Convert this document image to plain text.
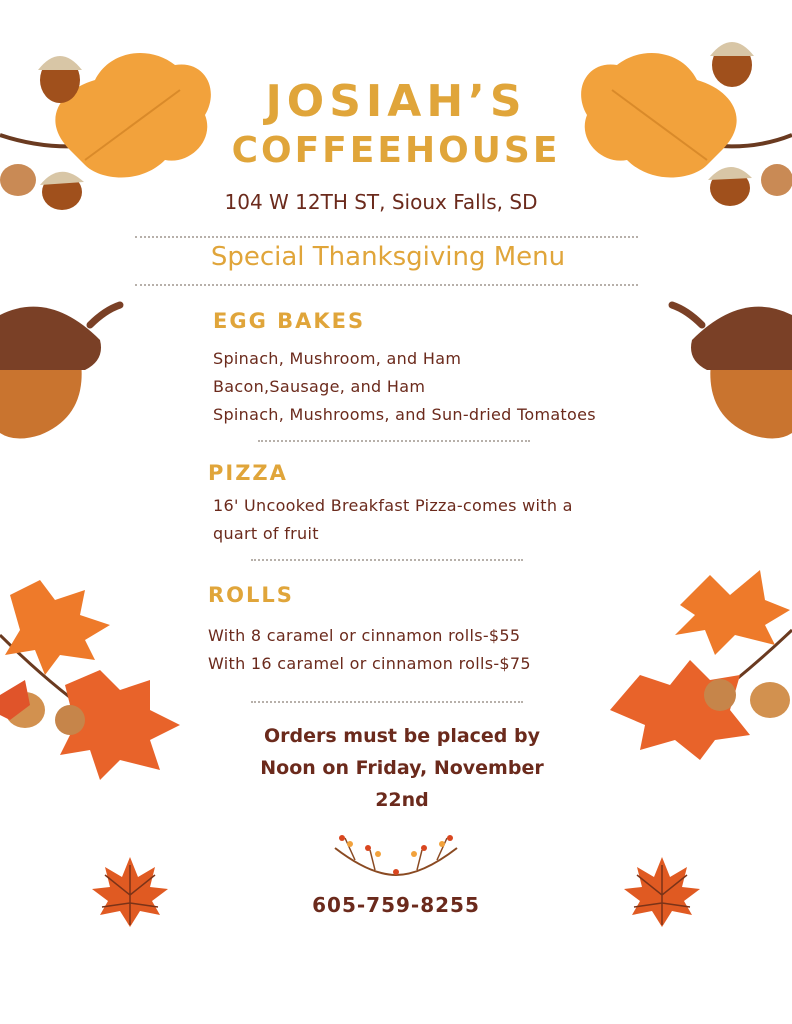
JOSIAH’S
COFFEEHOUSE
104 W 12TH ST, Sioux Falls, SD
Special Thanksgiving Menu
EGG BAKES
Spinach, Mushroom, and Ham
Bacon,Sausage, and Ham
Spinach, Mushrooms, and Sun-dried Tomatoes
PIZZA
16' Uncooked Breakfast Pizza-comes with a
quart of fruit
ROLLS
With 8 caramel or cinnamon rolls-$55
With 16 caramel or cinnamon rolls-$75
Orders must be placed by
Noon on Friday, November
22nd
605-759-8255
